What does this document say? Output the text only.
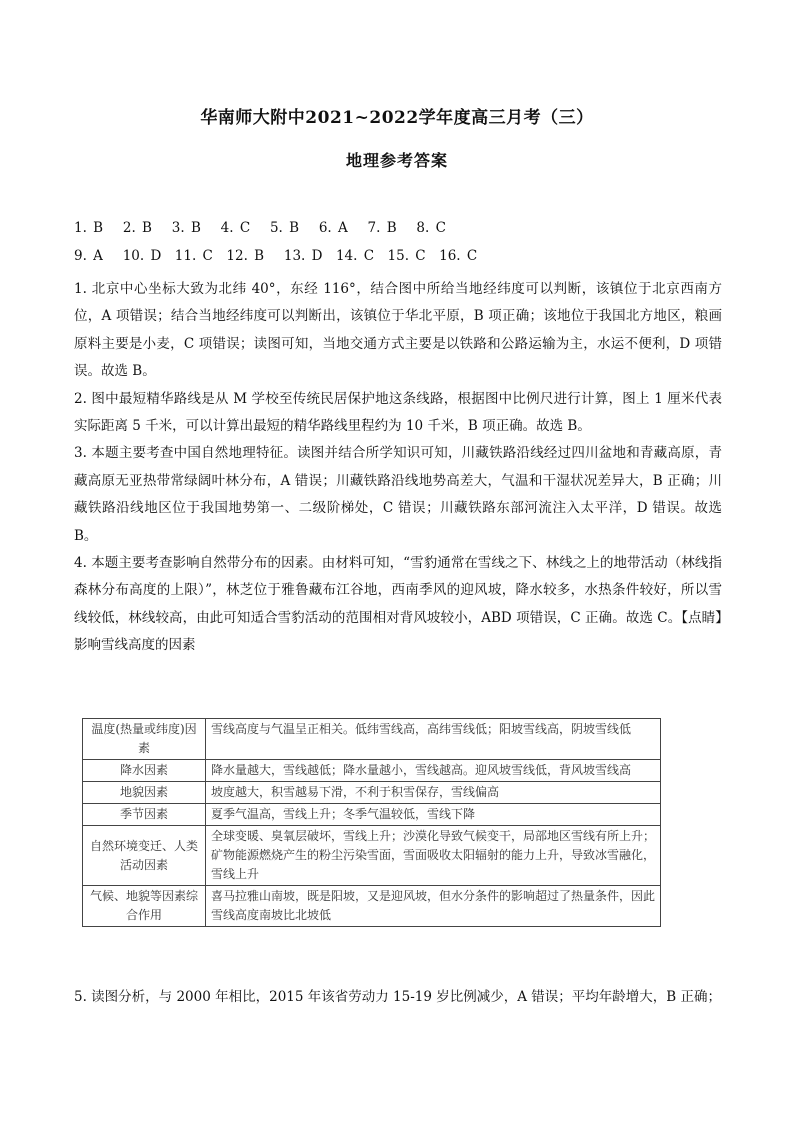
华南师大附中2021~2022学年度高三月考（三）
地理参考答案
1. B　 2. B　 3. B　 4. C　 5. B　 6. A　 7. B　 8. C
9. A　 10. D　11. C　12. B　 13. D　14. C　15. C　16. C

1. 北京中心坐标大致为北纬 40°，东经 116°，结合图中所给当地经纬度可以判断，该镇位于北京西南方位，A 项错误；结合当地经纬度可以判断出，该镇位于华北平原，B 项正确；该地位于我国北方地区，粮画原料主要是小麦，C 项错误；读图可知，当地交通方式主要是以铁路和公路运输为主，水运不便利，D 项错误。故选 B。

2. 图中最短精华路线是从 M 学校至传统民居保护地这条线路，根据图中比例尺进行计算，图上 1 厘米代表实际距离 5 千米，可以计算出最短的精华路线里程约为 10 千米，B 项正确。故选 B。

3. 本题主要考查中国自然地理特征。读图并结合所学知识可知，川藏铁路沿线经过四川盆地和青藏高原，青藏高原无亚热带常绿阔叶林分布，A 错误；川藏铁路沿线地势高差大，气温和干湿状况差异大，B 正确；川藏铁路沿线地区位于我国地势第一、二级阶梯处，C 错误；川藏铁路东部河流注入太平洋，D 错误。故选 B。

4. 本题主要考查影响自然带分布的因素。由材料可知，“雪豹通常在雪线之下、林线之上的地带活动（林线指森林分布高度的上限）”，林芝位于雅鲁藏布江谷地，西南季风的迎风坡，降水较多，水热条件较好，所以雪线较低，林线较高，由此可知适合雪豹活动的范围相对背风坡较小，ABD 项错误，C 正确。故选 C。【点睛】影响雪线高度的因素

温度(热量或纬度)因素	雪线高度与气温呈正相关。低纬雪线高，高纬雪线低；阳坡雪线高，阴坡雪线低
降水因素	降水量越大，雪线越低；降水量越小，雪线越高。迎风坡雪线低，背风坡雪线高
地貌因素	坡度越大，积雪越易下滑，不利于积雪保存，雪线偏高
季节因素	夏季气温高，雪线上升；冬季气温较低，雪线下降
自然环境变迁、人类活动因素	全球变暖、臭氧层破坏，雪线上升；沙漠化导致气候变干，局部地区雪线有所上升；矿物能源燃烧产生的粉尘污染雪面，雪面吸收太阳辐射的能力上升，导致冰雪融化，雪线上升
气候、地貌等因素综合作用	喜马拉雅山南坡，既是阳坡，又是迎风坡，但水分条件的影响超过了热量条件，因此雪线高度南坡比北坡低
5. 读图分析，与 2000 年相比，2015 年该省劳动力 15-19 岁比例减少，A 错误；平均年龄增大，B 正确；
